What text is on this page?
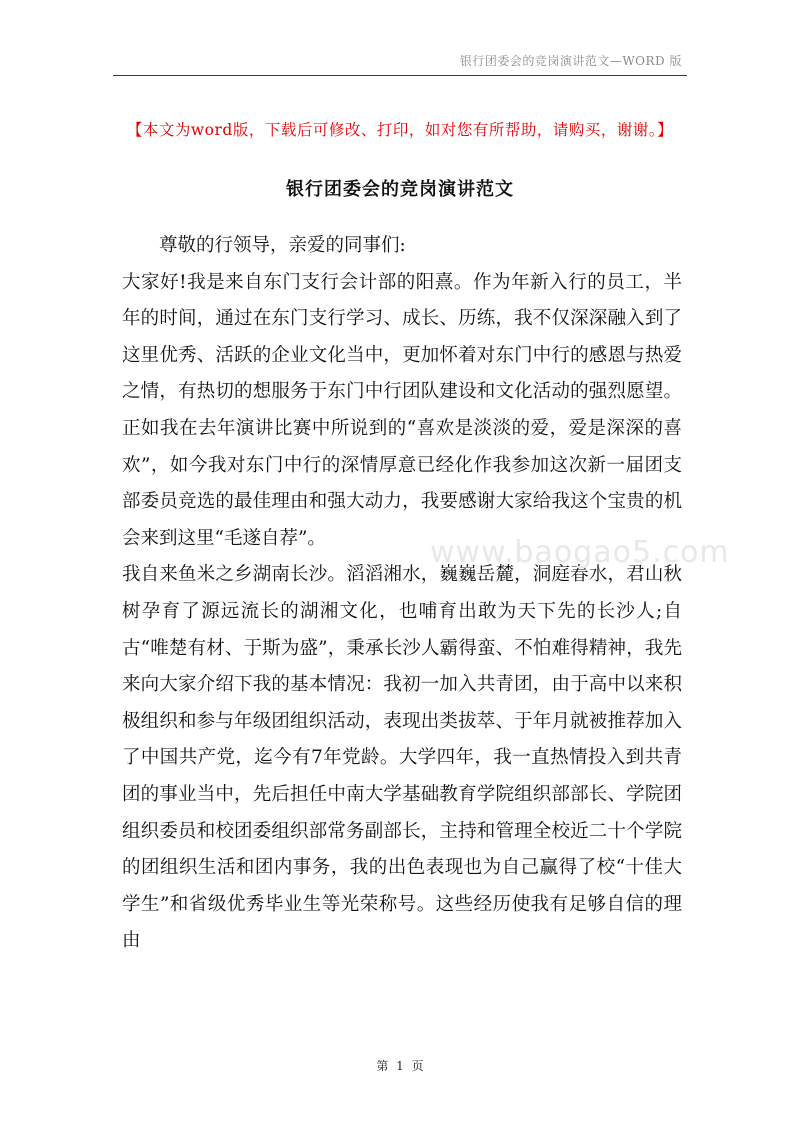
银行团委会的竞岗演讲范文—WORD 版
【本文为word版，下载后可修改、打印，如对您有所帮助，请购买，谢谢。】
银行团委会的竞岗演讲范文

尊敬的行领导，亲爱的同事们:

大家好!我是来自东门支行会计部的阳熹。作为年新入行的员工，半年的时间，通过在东门支行学习、成长、历练，我不仅深深融入到了这里优秀、活跃的企业文化当中，更加怀着对东门中行的感恩与热爱之情，有热切的想服务于东门中行团队建设和文化活动的强烈愿望。正如我在去年演讲比赛中所说到的“喜欢是淡淡的爱，爱是深深的喜欢”，如今我对东门中行的深情厚意已经化作我参加这次新一届团支部委员竞选的最佳理由和强大动力，我要感谢大家给我这个宝贵的机会来到这里“毛遂自荐”。

我自来鱼米之乡湖南长沙。滔滔湘水，巍巍岳麓，洞庭春水，君山秋树孕育了源远流长的湖湘文化，也哺育出敢为天下先的长沙人;自古“唯楚有材、于斯为盛”，秉承长沙人霸得蛮、不怕难得精神，我先来向大家介绍下我的基本情况：我初一加入共青团，由于高中以来积极组织和参与年级团组织活动，表现出类拔萃、于年月就被推荐加入了中国共产党，迄今有7年党龄。大学四年，我一直热情投入到共青团的事业当中，先后担任中南大学基础教育学院组织部部长、学院团组织委员和校团委组织部常务副部长，主持和管理全校近二十个学院的团组织生活和团内事务，我的出色表现也为自己赢得了校“十佳大学生”和省级优秀毕业生等光荣称号。这些经历使我有足够自信的理由

www.baogao5.com
第 1 页
